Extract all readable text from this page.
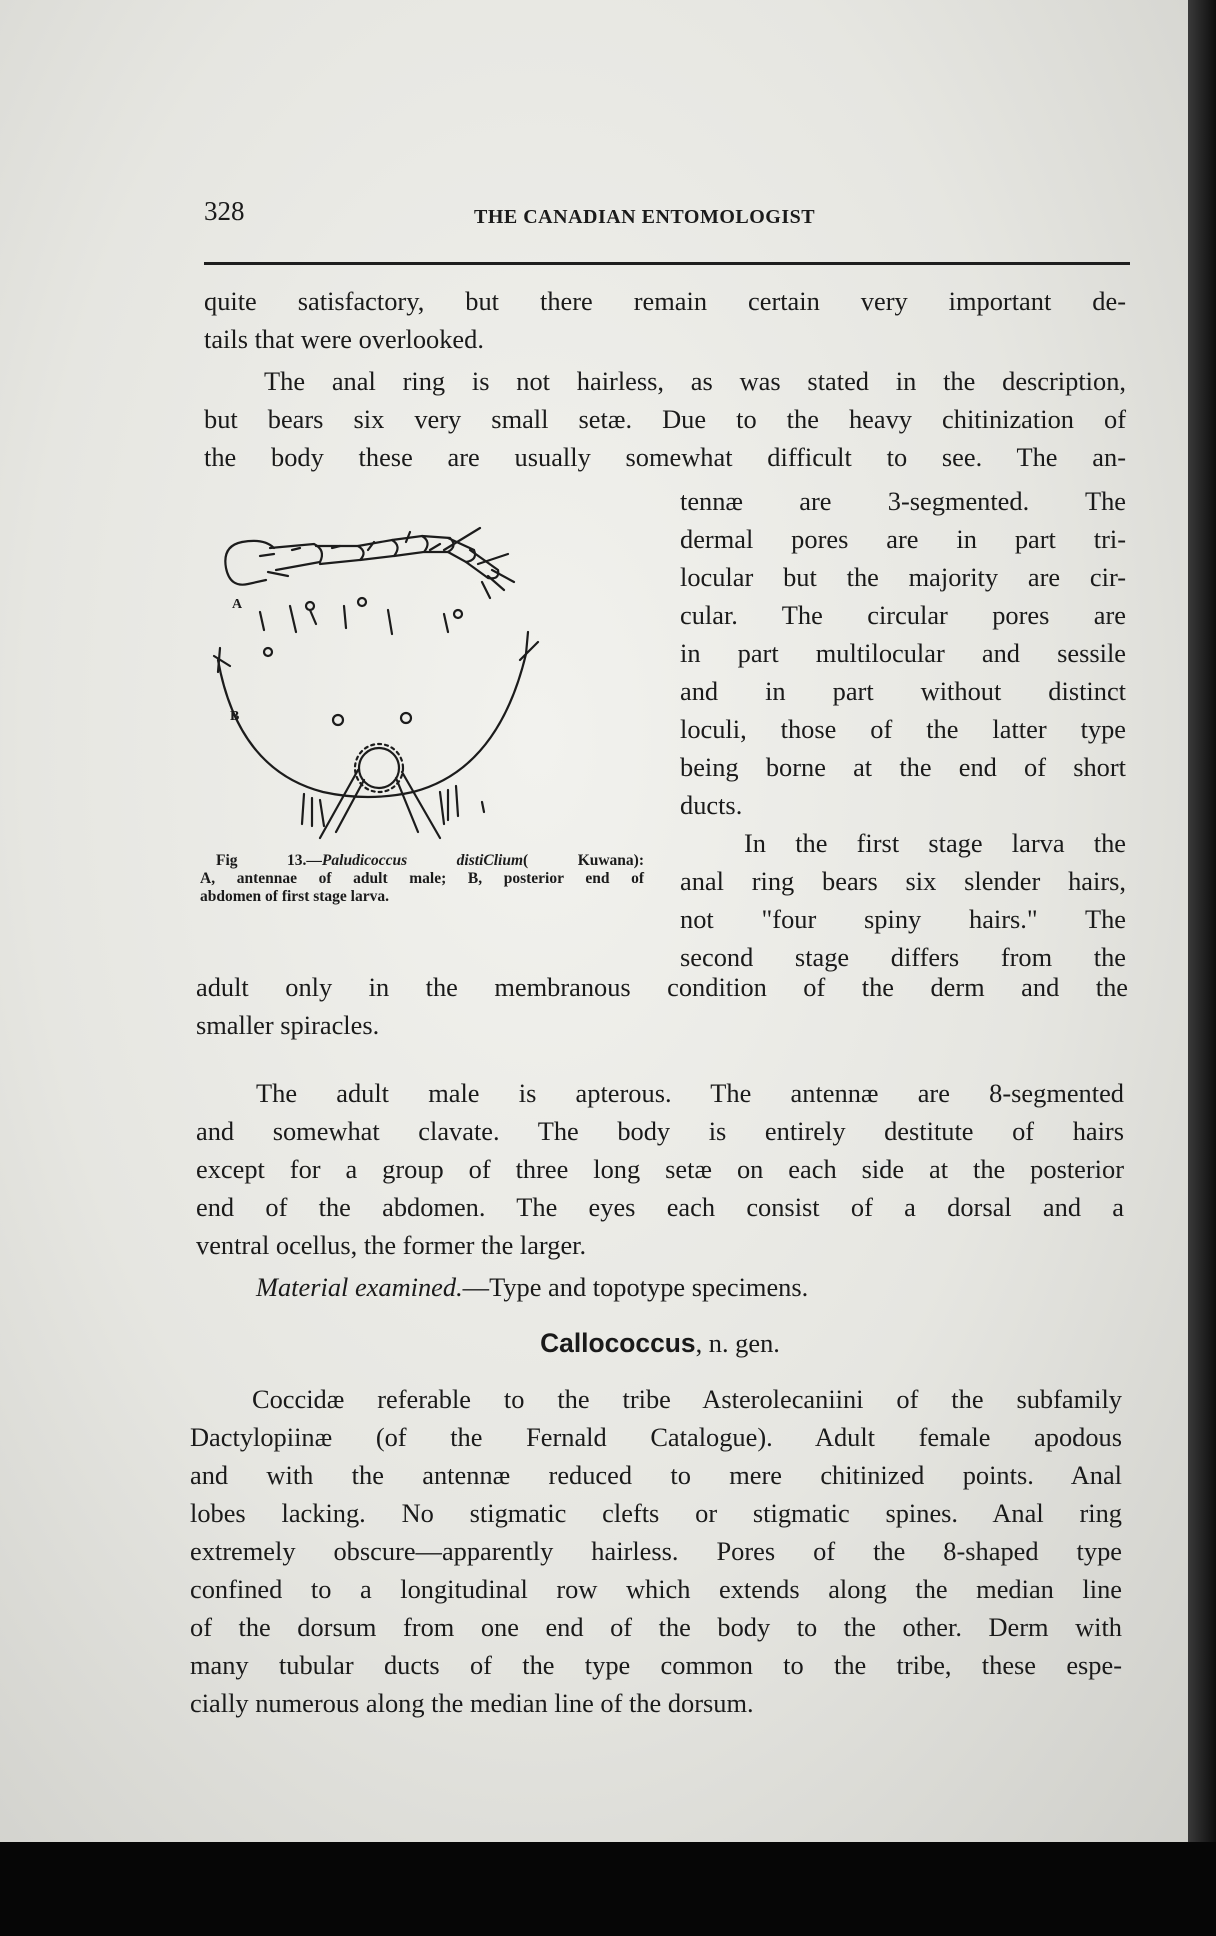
328	THE CANADIAN ENTOMOLOGIST
quite satisfactory, but there remain certain very important de-
tails that were overlooked.
The anal ring is not hairless, as was stated in the description,
but bears six very small setæ. Due to the heavy chitinization of
the body these are usually somewhat difficult to see. The an-
tennæ are 3-segmented. The
dermal pores are in part tri-
locular but the majority are cir-
cular. The circular pores are
in part multilocular and sessile
and in part without distinct
loculi, those of the latter type
being borne at the end of short
ducts.
In the first stage larva the
anal ring bears six slender hairs,
not "four spiny hairs." The
second stage differs from the
A
B
Fig 13.—Paludicoccus distiClium( Kuwana):
A, antennae of adult male; B, posterior end of
abdomen of first stage larva.
adult only in the membranous condition of the derm and the
smaller spiracles.
The adult male is apterous. The antennæ are 8-segmented
and somewhat clavate. The body is entirely destitute of hairs
except for a group of three long setæ on each side at the posterior
end of the abdomen. The eyes each consist of a dorsal and a
ventral ocellus, the former the larger.
Material examined.—Type and topotype specimens.
Callococcus, n. gen.
Coccidæ referable to the tribe Asterolecaniini of the subfamily
Dactylopiinæ (of the Fernald Catalogue). Adult female apodous
and with the antennæ reduced to mere chitinized points. Anal
lobes lacking. No stigmatic clefts or stigmatic spines. Anal ring
extremely obscure—apparently hairless. Pores of the 8-shaped type
confined to a longitudinal row which extends along the median line
of the dorsum from one end of the body to the other. Derm with
many tubular ducts of the type common to the tribe, these espe-
cially numerous along the median line of the dorsum.
